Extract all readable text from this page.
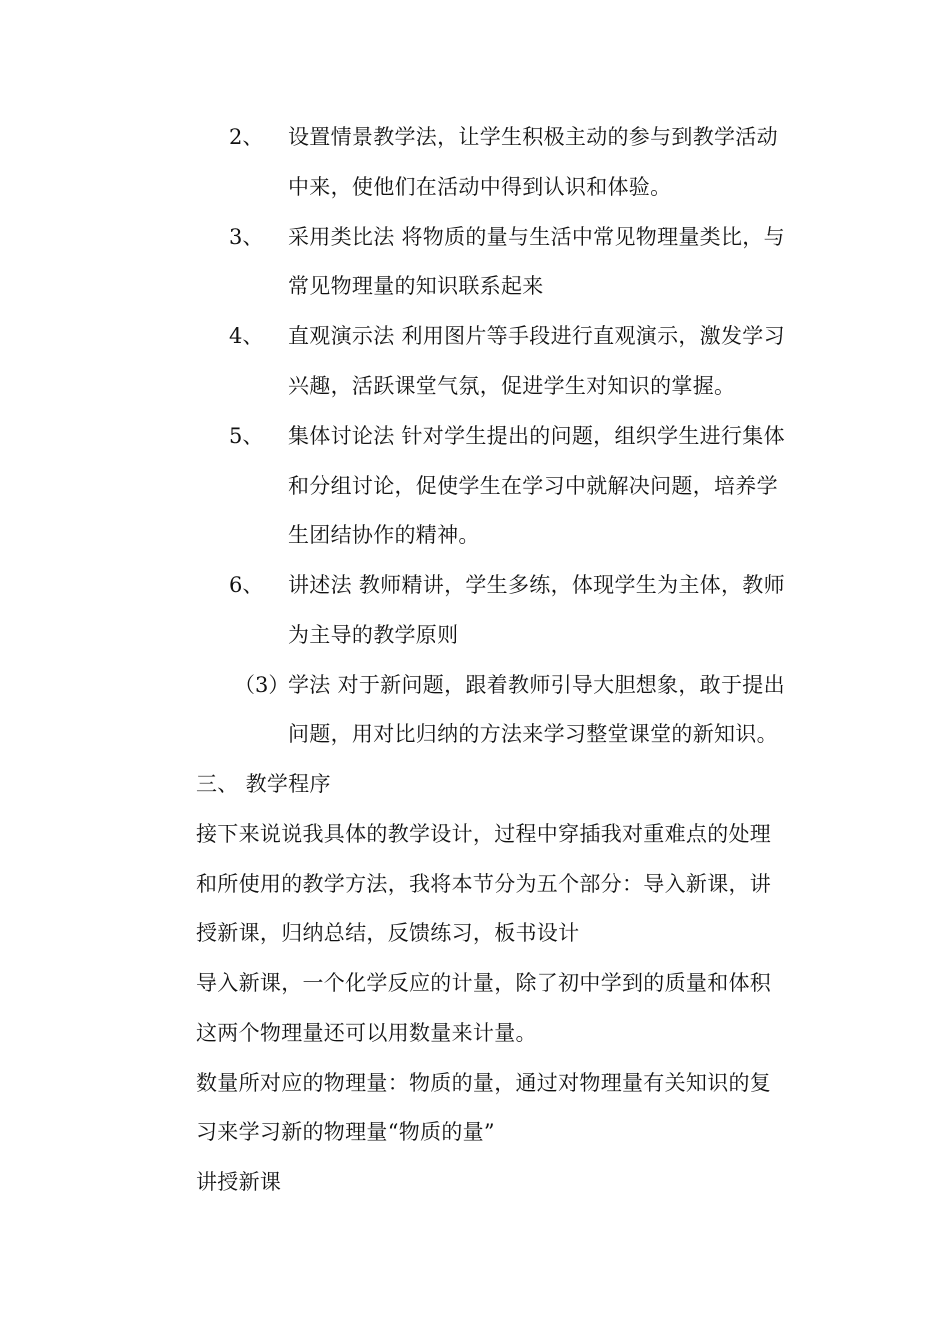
2、 设置情景教学法，让学生积极主动的参与到教学活动
中来，使他们在活动中得到认识和体验。
3、 采用类比法 将物质的量与生活中常见物理量类比，与
常见物理量的知识联系起来
4、 直观演示法 利用图片等手段进行直观演示，激发学习
兴趣，活跃课堂气氛，促进学生对知识的掌握。
5、 集体讨论法 针对学生提出的问题，组织学生进行集体
和分组讨论，促使学生在学习中就解决问题，培养学
生团结协作的精神。
6、 讲述法 教师精讲，学生多练，体现学生为主体，教师
为主导的教学原则
（3）
学法 对于新问题，跟着教师引导大胆想象，敢于提出
问题，用对比归纳的方法来学习整堂课堂的新知识。
三、 教学程序
接下来说说我具体的教学设计，过程中穿插我对重难点的处理
和所使用的教学方法，我将本节分为五个部分：导入新课，讲
授新课，归纳总结，反馈练习，板书设计
导入新课，一个化学反应的计量，除了初中学到的质量和体积
这两个物理量还可以用数量来计量。
数量所对应的物理量：物质的量，通过对物理量有关知识的复
习来学习新的物理量“物质的量”
讲授新课
